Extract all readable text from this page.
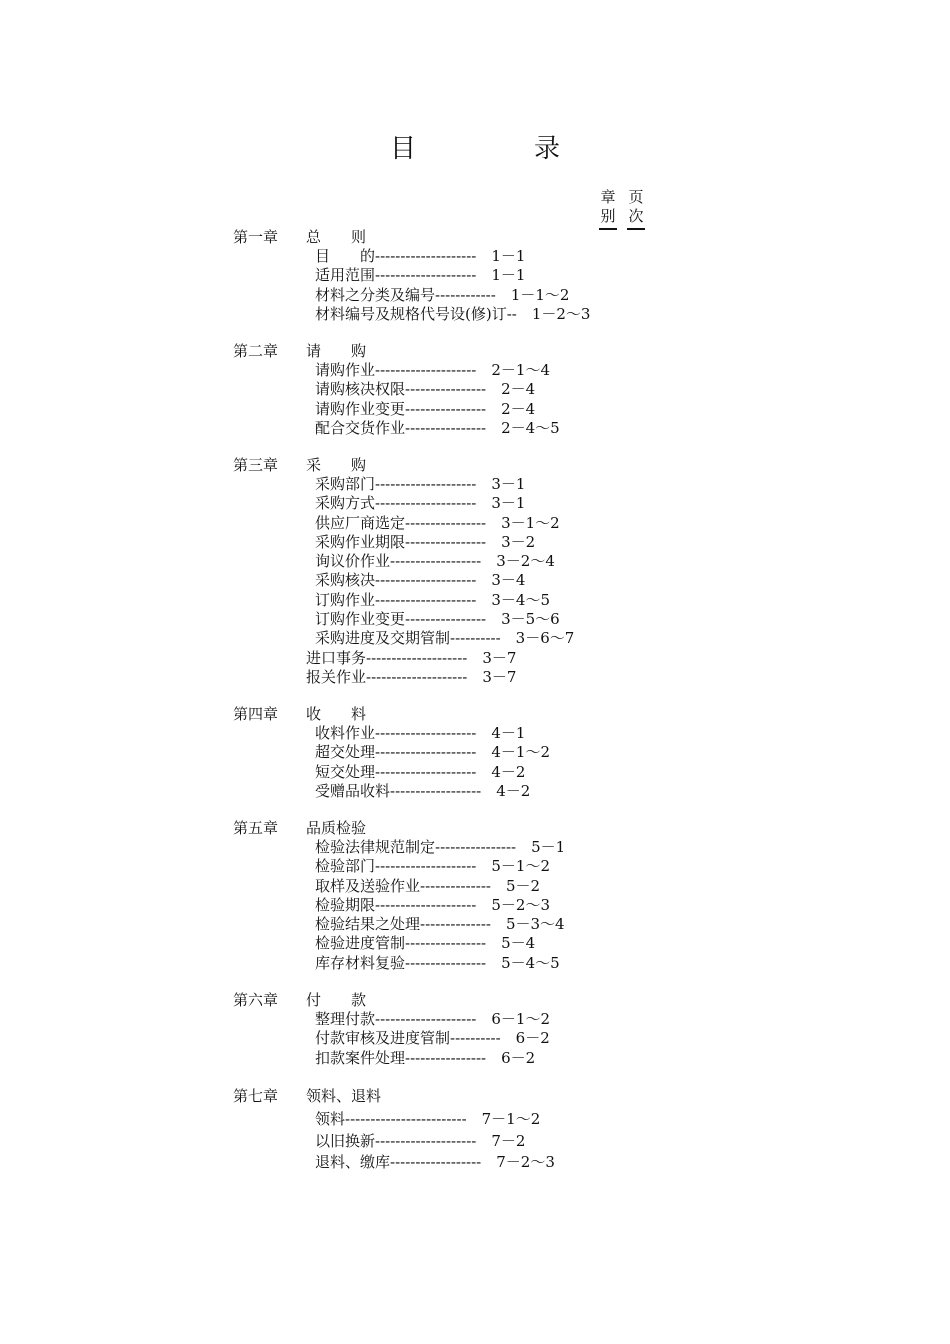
目　录
章
别
页
次
第一章 总　　则
目　　的--------------------　1－1
适用范围--------------------　1－1
材料之分类及编号------------　1－1～2
材料编号及规格代号设(修)订--　1－2～3
第二章 请　　购
请购作业--------------------　2－1～4
请购核决权限----------------　2－4
请购作业变更----------------　2－4
配合交货作业----------------　2－4～5
第三章 采　　购
采购部门--------------------　3－1
采购方式--------------------　3－1
供应厂商选定----------------　3－1～2
采购作业期限----------------　3－2
询议价作业------------------　3－2～4
采购核决--------------------　3－4
订购作业--------------------　3－4～5
订购作业变更----------------　3－5～6
采购进度及交期管制----------　3－6～7
进口事务--------------------　3－7
报关作业--------------------　3－7
第四章 收　　料
收料作业--------------------　4－1
超交处理--------------------　4－1～2
短交处理--------------------　4－2
受赠品收料------------------　4－2
第五章 品质检验
检验法律规范制定----------------　5－1
检验部门--------------------　5－1～2
取样及送验作业--------------　5－2
检验期限--------------------　5－2～3
检验结果之处理--------------　5－3～4
检验进度管制----------------　5－4
库存材料复验----------------　5－4～5
第六章 付　　款
整理付款--------------------　6－1～2
付款审核及进度管制----------　6－2
扣款案件处理----------------　6－2
第七章 领料、退料
领料------------------------　7－1～2
以旧换新--------------------　7－2
退料、缴库------------------　7－2～3
